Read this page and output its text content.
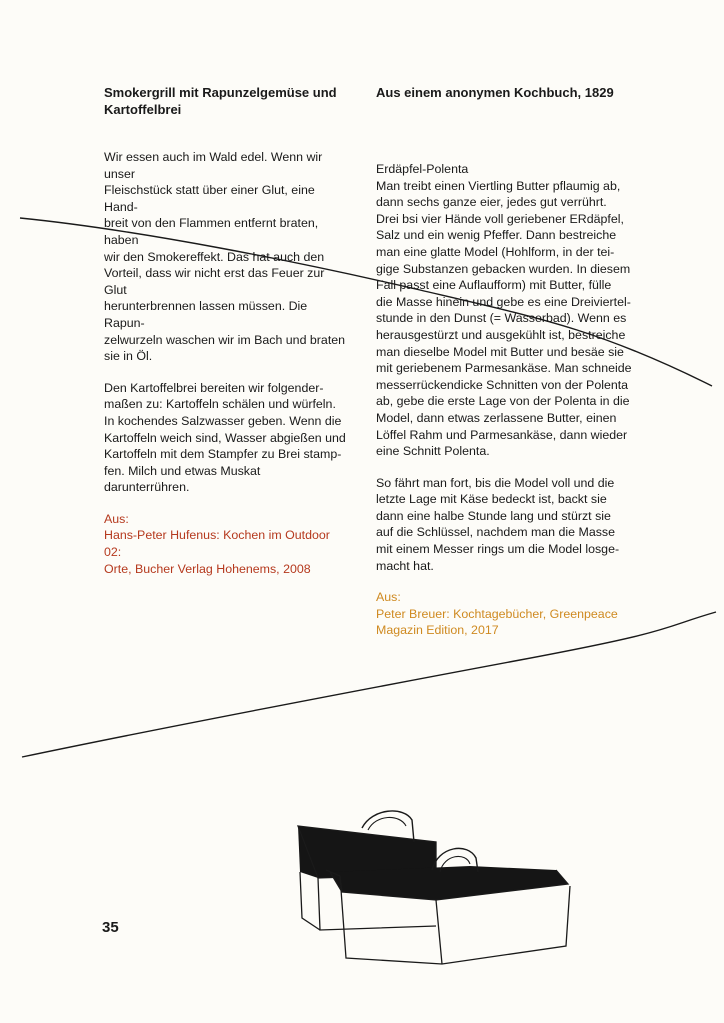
Smokergrill mit Rapunzelgemüse und
Kartoffelbrei

Wir essen auch im Wald edel. Wenn wir unser
Fleischstück statt über einer Glut, eine Hand-
breit von den Flammen entfernt braten, haben
wir den Smokereffekt. Das hat auch den
Vorteil, dass wir nicht erst das Feuer zur Glut
herunterbrennen lassen müssen. Die Rapun-
zelwurzeln waschen wir im Bach und braten
sie in Öl.

Den Kartoffelbrei bereiten wir folgender-
maßen zu: Kartoffeln schälen und würfeln.
In kochendes Salzwasser geben. Wenn die
Kartoffeln weich sind, Wasser abgießen und
Kartoffeln mit dem Stampfer zu Brei stamp-
fen. Milch und etwas Muskat darunterrühren.

Aus:
Hans-Peter Hufenus: Kochen im Outdoor 02:
Orte, Bucher Verlag Hohenems, 2008

Aus einem anonymen Kochbuch, 1829

Erdäpfel-Polenta

Man treibt einen Viertling Butter pflaumig ab,
dann sechs ganze eier, jedes gut verrührt.
Drei bsi vier Hände voll geriebener ERdäpfel,
Salz und ein wenig Pfeffer. Dann bestreiche
man eine glatte Model (Hohlform, in der tei-
gige Substanzen gebacken wurden. In diesem
Fall passt eine Auflaufform) mit Butter, fülle
die Masse hinein und gebe es eine Dreiviertel-
stunde in den Dunst (= Wasserbad). Wenn es
herausgestürzt und ausgekühlt ist, bestreiche
man dieselbe Model mit Butter und besäe sie
mit geriebenem Parmesankäse. Man schneide
messerrückendicke Schnitten von der Polenta
ab, gebe die erste Lage von der Polenta in die
Model, dann etwas zerlassene Butter, einen
Löffel Rahm und Parmesankäse, dann wieder
eine Schnitt Polenta.

So fährt man fort, bis die Model voll und die
letzte Lage mit Käse bedeckt ist, backt sie
dann eine halbe Stunde lang und stürzt sie
auf die Schlüssel, nachdem man die Masse
mit einem Messer rings um die Model losge-
macht hat.

Aus:
Peter Breuer: Kochtagebücher, Greenpeace
Magazin Edition, 2017
35
